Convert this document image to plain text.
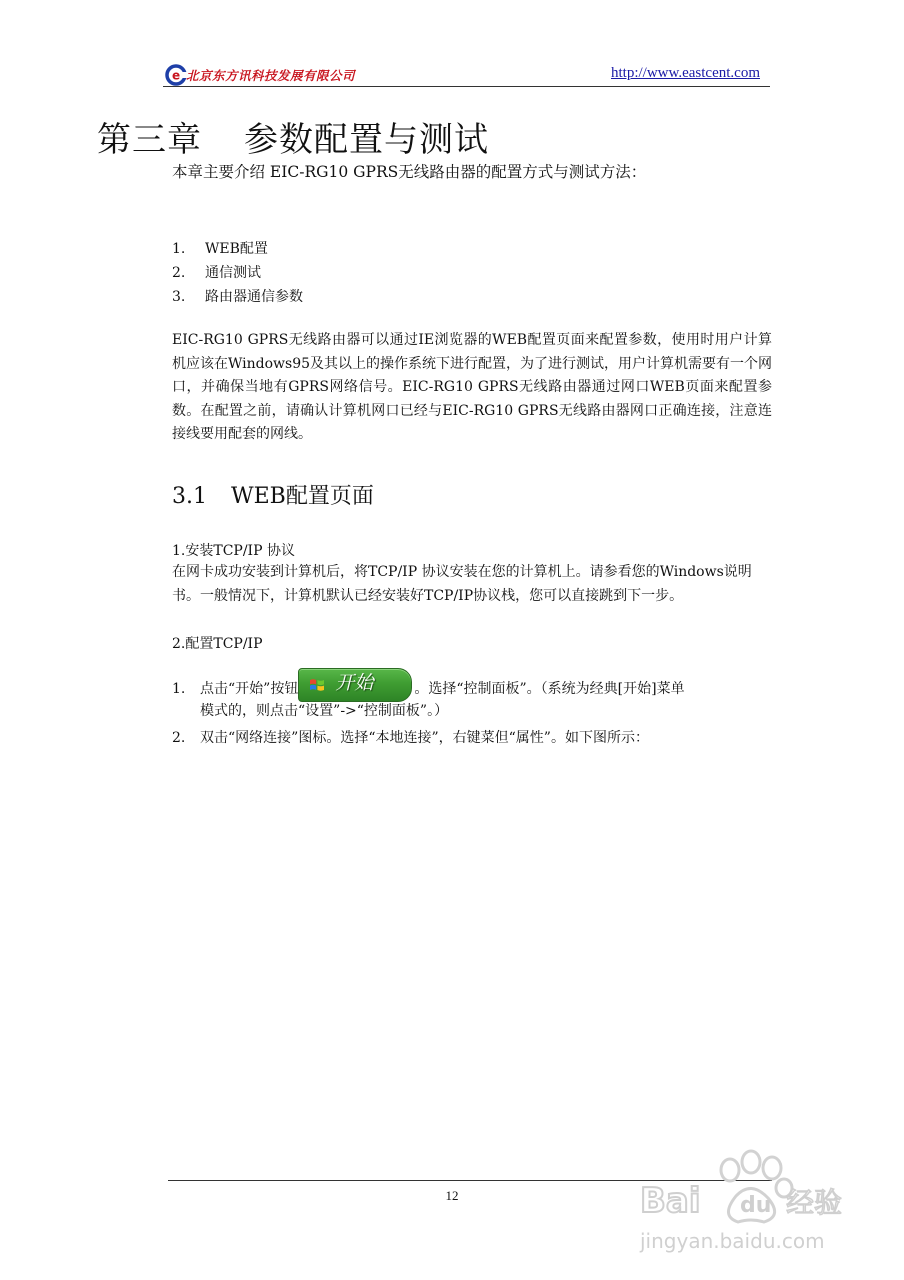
e 北京东方讯科技发展有限公司	http://www.eastcent.com
第三章 参数配置与测试
本章主要介绍 EIC-RG10 GPRS无线路由器的配置方式与测试方法：
1. WEB配置
2. 通信测试
3. 路由器通信参数
EIC-RG10 GPRS无线路由器可以通过IE浏览器的WEB配置页面来配置参数，使用时用户计算机应该在Windows95及其以上的操作系统下进行配置，为了进行测试，用户计算机需要有一个网口，并确保当地有GPRS网络信号。EIC-RG10 GPRS无线路由器通过网口WEB页面来配置参数。在配置之前，请确认计算机网口已经与EIC-RG10 GPRS无线路由器网口正确连接，注意连接线要用配套的网线。
3.1 WEB配置页面
1.安装TCP/IP 协议
在网卡成功安装到计算机后，将TCP/IP 协议安装在您的计算机上。请参看您的Windows说明书。一般情况下，计算机默认已经安装好TCP/IP协议栈，您可以直接跳到下一步。
2.配置TCP/IP
1. 点击“开始”按钮 开始	。选择“控制面板”。（系统为经典[开始]菜单
模式的，则点击“设置”->“控制面板”。）
2. 双击“网络连接”图标。选择“本地连接”，右键菜但“属性”。如下图所示：
12	Bai du 经验
jingyan.baidu.com
